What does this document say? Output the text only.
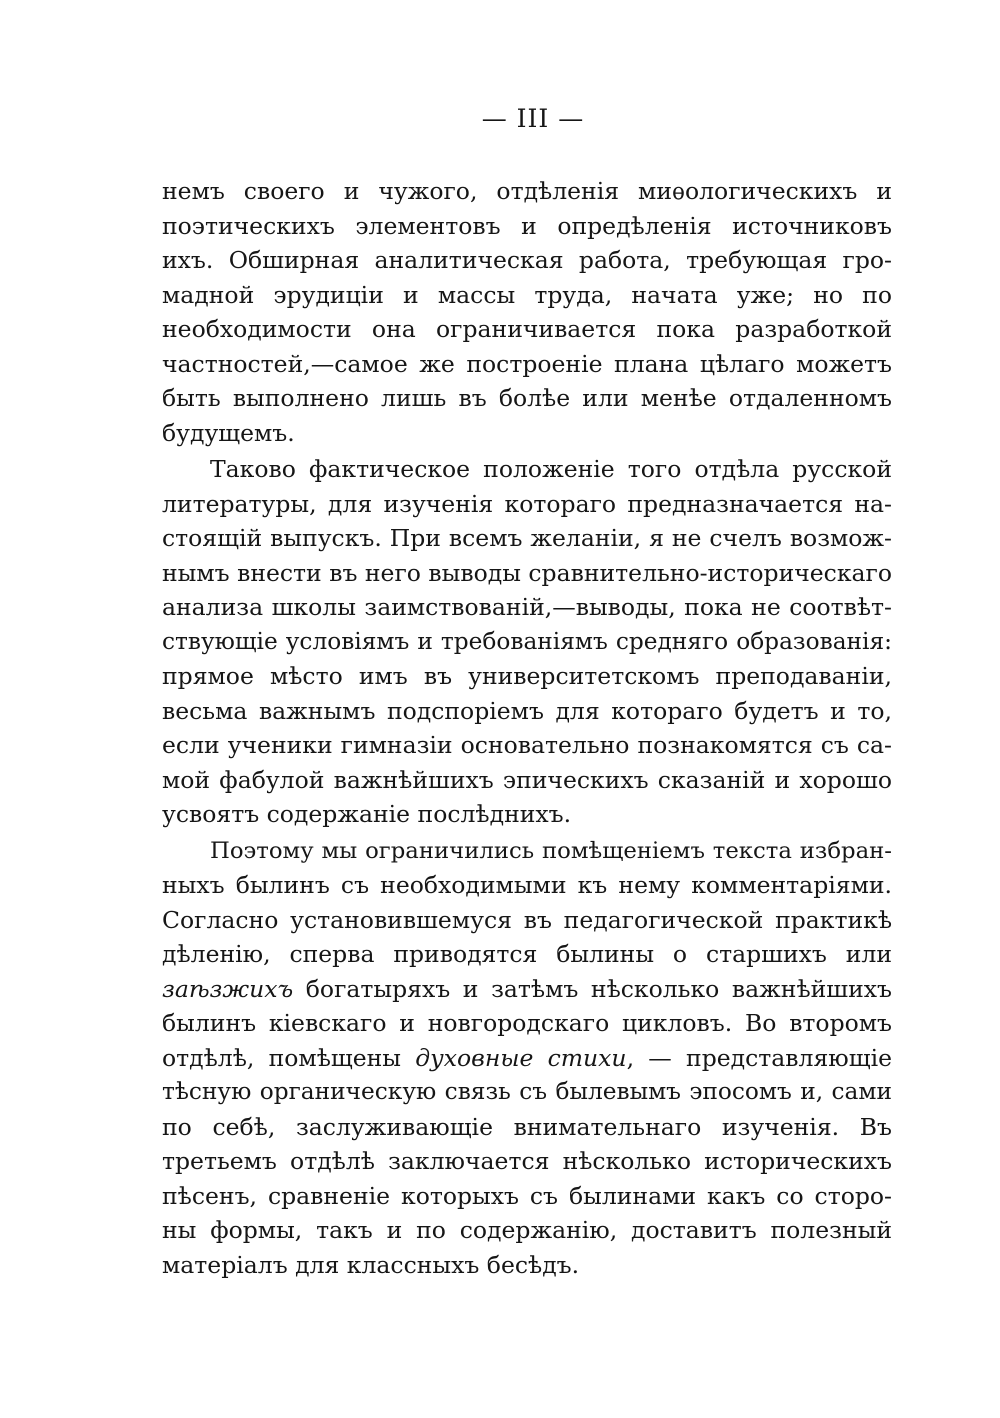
— III —
немъ своего и чужого, отдѣленія миѳологическихъ и
поэтическихъ элементовъ и опредѣленія источниковъ
ихъ. Обширная аналитическая работа, требующая гро-
мадной эрудиціи и массы труда, начата уже; но по
необходимости она ограничивается пока разработкой
частностей,—самое же построеніе плана цѣлаго можетъ
быть выполнено лишь въ болѣе или менѣе отдаленномъ
будущемъ.
Таково фактическое положеніе того отдѣла русской
литературы, для изученія котораго предназначается на-
стоящій выпускъ. При всемъ желаніи, я не счелъ возмож-
нымъ внести въ него выводы сравнительно-историческаго
анализа школы заимствованій,—выводы, пока не соотвѣт-
ствующіе условіямъ и требованіямъ средняго образованія:
прямое мѣсто имъ въ университетскомъ преподаваніи,
весьма важнымъ подспоріемъ для котораго будетъ и то,
если ученики гимназіи основательно познакомятся съ са-
мой фабулой важнѣйшихъ эпическихъ сказаній и хорошо
усвоятъ содержаніе послѣднихъ.
Поэтому мы ограничились помѣщеніемъ текста избран-
ныхъ былинъ съ необходимыми къ нему комментаріями.
Согласно установившемуся въ педагогической практикѣ
дѣленію, сперва приводятся былины о старшихъ или
заѣзжихъ богатыряхъ и затѣмъ нѣсколько важнѣйшихъ
былинъ кіевскаго и новгородскаго цикловъ. Во второмъ
отдѣлѣ, помѣщены духовные стихи, — представляющіе
тѣсную органическую связь съ былевымъ эпосомъ и, сами
по себѣ, заслуживающіе внимательнаго изученія. Въ
третьемъ отдѣлѣ заключается нѣсколько историческихъ
пѣсенъ, сравненіе которыхъ съ былинами какъ со сторо-
ны формы, такъ и по содержанію, доставитъ полезный
матеріалъ для классныхъ бесѣдъ.
